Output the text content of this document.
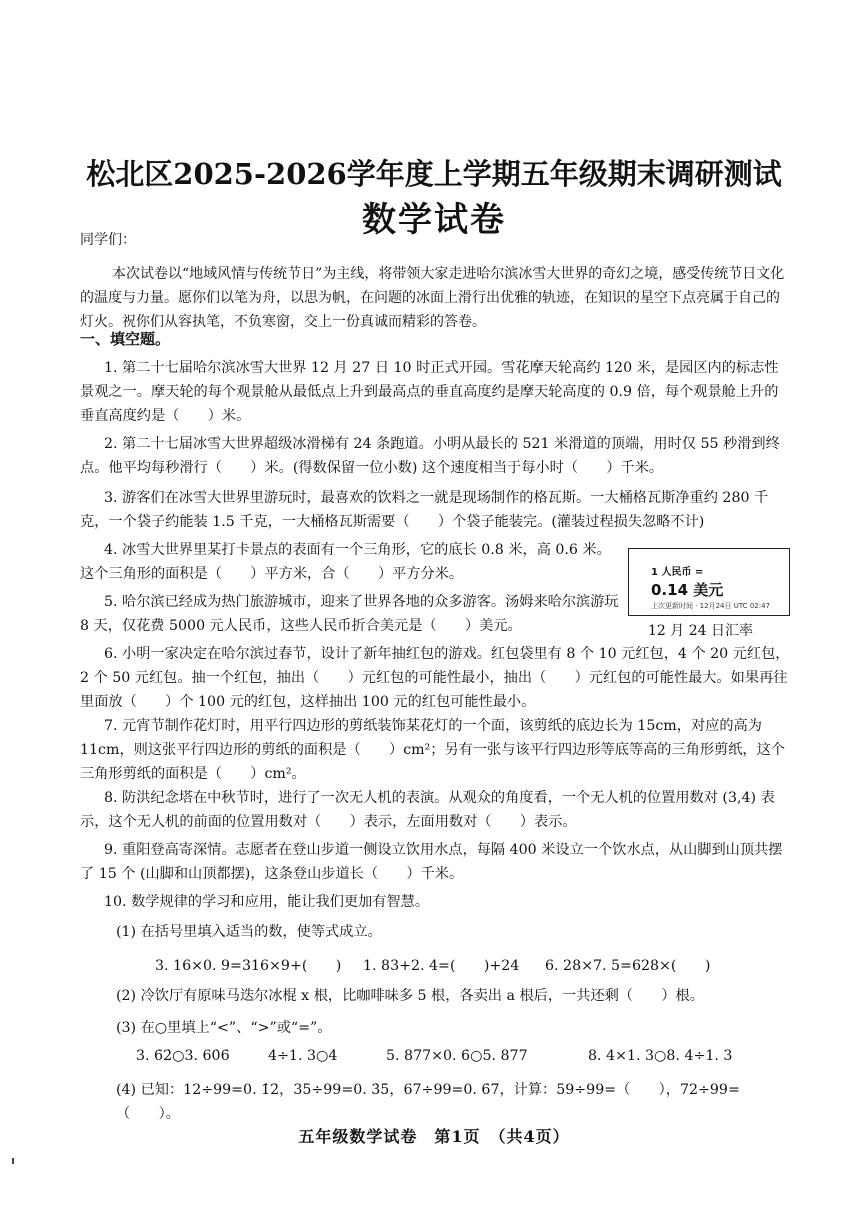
松北区2025-2026学年度上学期五年级期末调研测试
数学试卷
同学们：
本次试卷以“地域风情与传统节日”为主线，将带领大家走进哈尔滨冰雪大世界的奇幻之境，感受传统节日文化的温度与力量。愿你们以笔为舟，以思为帆，在问题的冰面上滑行出优雅的轨迹，在知识的星空下点亮属于自己的灯火。祝你们从容执笔，不负寒窗，交上一份真诚而精彩的答卷。
一、填空题。
1. 第二十七届哈尔滨冰雪大世界 12 月 27 日 10 时正式开园。雪花摩天轮高约 120 米，是园区内的标志性景观之一。摩天轮的每个观景舱从最低点上升到最高点的垂直高度约是摩天轮高度的 0.9 倍，每个观景舱上升的垂直高度约是（　　）米。
2. 第二十七届冰雪大世界超级冰滑梯有 24 条跑道。小明从最长的 521 米滑道的顶端，用时仅 55 秒滑到终点。他平均每秒滑行（　　）米。(得数保留一位小数) 这个速度相当于每小时（　　）千米。
3. 游客们在冰雪大世界里游玩时，最喜欢的饮料之一就是现场制作的格瓦斯。一大桶格瓦斯净重约 280 千克，一个袋子约能装 1.5 千克，一大桶格瓦斯需要（　　）个袋子能装完。(灌装过程损失忽略不计)
4. 冰雪大世界里某打卡景点的表面有一个三角形，它的底长 0.8 米，高 0.6 米。这个三角形的面积是（　　）平方米，合（　　）平方分米。
5. 哈尔滨已经成为热门旅游城市，迎来了世界各地的众多游客。汤姆来哈尔滨游玩 8 天，仅花费 5000 元人民币，这些人民币折合美元是（　　）美元。
1 人民币 =
0.14 美元
上次更新时间 · 12月24日 UTC 02:47
12 月 24 日汇率
6. 小明一家决定在哈尔滨过春节，设计了新年抽红包的游戏。红包袋里有 8 个 10 元红包，4 个 20 元红包，2 个 50 元红包。抽一个红包，抽出（　　）元红包的可能性最小，抽出（　　）元红包的可能性最大。如果再往里面放（　　）个 100 元的红包，这样抽出 100 元的红包可能性最小。
7. 元宵节制作花灯时，用平行四边形的剪纸装饰某花灯的一个面，该剪纸的底边长为 15cm，对应的高为 11cm，则这张平行四边形的剪纸的面积是（　　）cm²；另有一张与该平行四边形等底等高的三角形剪纸，这个三角形剪纸的面积是（　　）cm²。
8. 防洪纪念塔在中秋节时，进行了一次无人机的表演。从观众的角度看，一个无人机的位置用数对 (3,4) 表示，这个无人机的前面的位置用数对（　　）表示，左面用数对（　　）表示。
9. 重阳登高寄深情。志愿者在登山步道一侧设立饮用水点，每隔 400 米设立一个饮水点，从山脚到山顶共摆了 15 个 (山脚和山顶都摆)，这条登山步道长（　　）千米。
10. 数学规律的学习和应用，能让我们更加有智慧。
(1) 在括号里填入适当的数，使等式成立。
3. 16×0. 9=316×9+(　　) 1. 83+2. 4=(　　)+24 6. 28×7. 5=628×(　　)
(2) 冷饮厅有原味马迭尔冰棍 x 根，比咖啡味多 5 根，各卖出 a 根后，一共还剩（　　）根。
(3) 在○里填上“<”、“>”或“=”。
3. 6̇2̇○3. 60̇6̇	4÷1. 3○4	5. 877×0. 6̇○5. 877	8. 4×1. 3○8. 4÷1. 3
(4) 已知：12÷99=0. 1̇2̇，35÷99=0. 3̇5̇，67÷99=0. 6̇7̇，计算：59÷99=（　　），72÷99=（　　）。
五年级数学试卷　第1页　（共4页）
